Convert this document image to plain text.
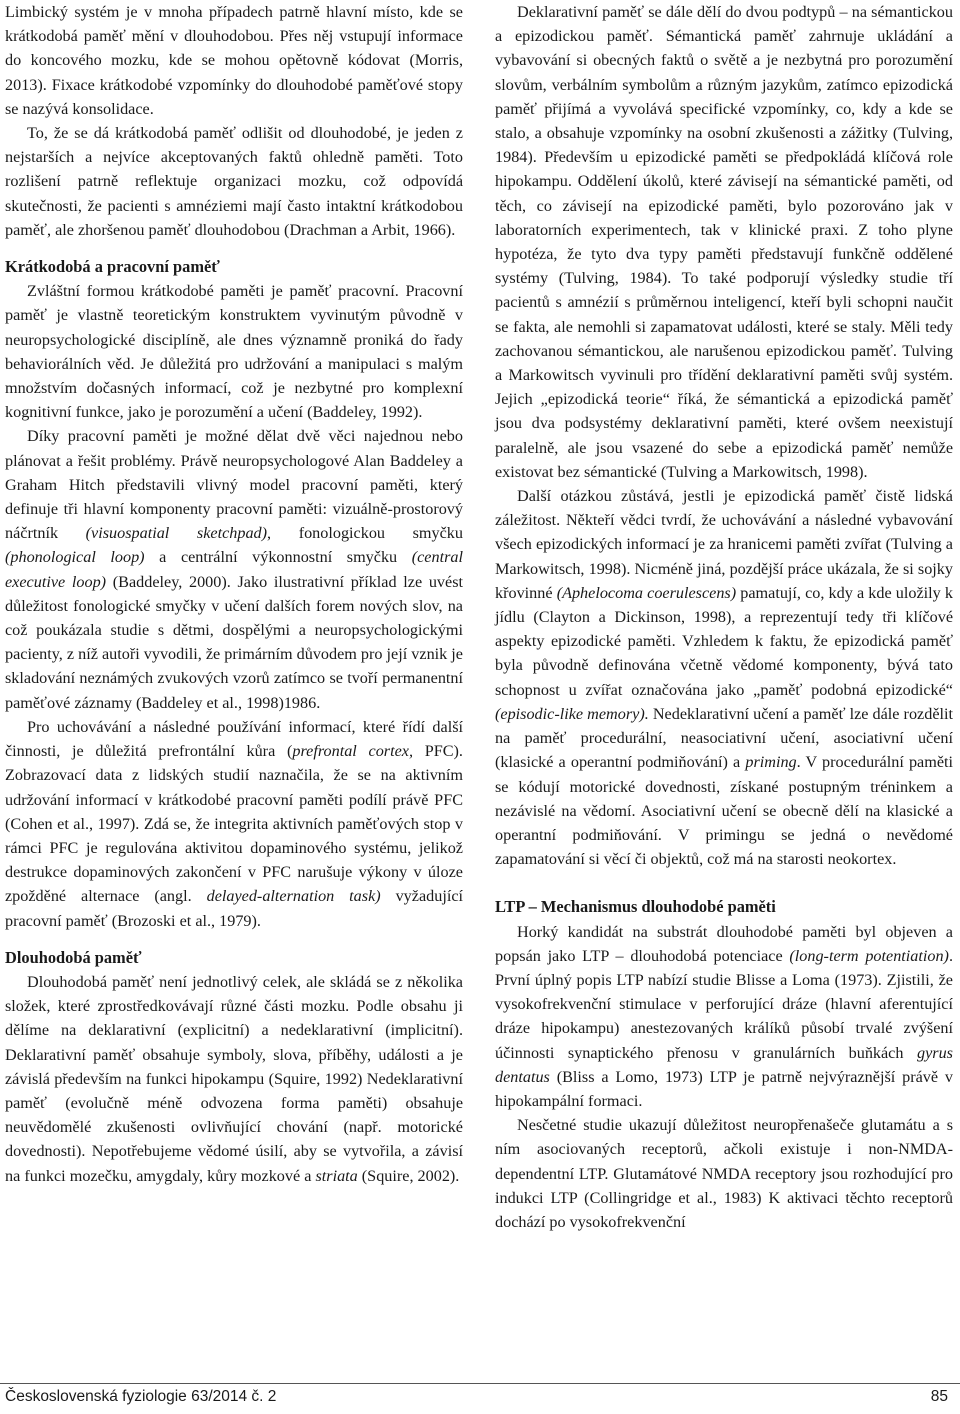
Limbický systém je v mnoha případech patrně hlavní místo, kde se krátkodobá paměť mění v dlouhodobou. Přes něj vstupují informace do koncového mozku, kde se mohou opětovně kódovat (Morris, 2013). Fixace krátkodobé vzpomínky do dlouhodobé paměťové stopy se nazývá konsolidace.

To, že se dá krátkodobá paměť odlišit od dlouhodobé, je jeden z nejstarších a nejvíce akceptovaných faktů ohledně paměti. Toto rozlišení patrně reflektuje organizaci mozku, což odpovídá skutečnosti, že pacienti s amnéziemi mají často intaktní krátkodobou paměť, ale zhoršenou paměť dlouhodobou (Drachman a Arbit, 1966).

Krátkodobá a pracovní paměť

Zvláštní formou krátkodobé paměti je paměť pracovní. Pracovní paměť je vlastně teoretickým konstruktem vyvinutým původně v neuropsychologické disciplíně, ale dnes významně proniká do řady behaviorálních věd. Je důležitá pro udržování a manipulaci s malým množstvím dočasných informací, což je nezbytné pro komplexní kognitivní funkce, jako je porozumění a učení (Baddeley, 1992).

Díky pracovní paměti je možné dělat dvě věci najednou nebo plánovat a řešit problémy. Právě neuropsychologové Alan Baddeley a Graham Hitch představili vlivný model pracovní paměti, který definuje tři hlavní komponenty pracovní paměti: vizuálně-prostorový náčrtník (visuospatial sketchpad), fonologickou smyčku (phonological loop) a centrální výkonnostní smyčku (central executive loop) (Baddeley, 2000). Jako ilustrativní příklad lze uvést důležitost fonologické smyčky v učení dalších forem nových slov, na což poukázala studie s dětmi, dospělými a neuropsychologickými pacienty, z níž autoři vyvodili, že primárním důvodem pro její vznik je skladování neznámých zvukových vzorů zatímco se tvoří permanentní paměťové záznamy (Baddeley et al., 1998)1986.

Pro uchovávání a následné používání informací, které řídí další činnosti, je důležitá prefrontální kůra (prefrontal cortex, PFC). Zobrazovací data z lidských studií naznačila, že se na aktivním udržování informací v krátkodobé pracovní paměti podílí právě PFC (Cohen et al., 1997). Zdá se, že integrita aktivních paměťových stop v rámci PFC je regulována aktivitou dopaminového systému, jelikož destrukce dopaminových zakončení v PFC narušuje výkony v úloze zpožděné alternace (angl. delayed-alternation task) vyžadující pracovní paměť (Brozoski et al., 1979).

Dlouhodobá paměť

Dlouhodobá paměť není jednotlivý celek, ale skládá se z několika složek, které zprostředkovávají různé části mozku. Podle obsahu ji dělíme na deklarativní (explicitní) a nedeklarativní (implicitní). Deklarativní paměť obsahuje symboly, slova, příběhy, události a je závislá především na funkci hipokampu (Squire, 1992) Nedeklarativní paměť (evolučně méně odvozena forma paměti) obsahuje neuvědomělé zkušenosti ovlivňující chování (např. motorické dovednosti). Nepotřebujeme vědomé úsilí, aby se vytvořila, a závisí na funkci mozečku, amygdaly, kůry mozkové a striata (Squire, 2002).

Deklarativní paměť se dále dělí do dvou podtypů – na sémantickou a epizodickou paměť. Sémantická paměť zahrnuje ukládání a vybavování si obecných faktů o světě a je nezbytná pro porozumění slovům, verbálním symbolům a různým jazykům, zatímco epizodická paměť přijímá a vyvolává specifické vzpomínky, co, kdy a kde se stalo, a obsahuje vzpomínky na osobní zkušenosti a zážitky (Tulving, 1984). Především u epizodické paměti se předpokládá klíčová role hipokampu. Oddělení úkolů, které závisejí na sémantické paměti, od těch, co závisejí na epizodické paměti, bylo pozorováno jak v laboratorních experimentech, tak v klinické praxi. Z toho plyne hypotéza, že tyto dva typy paměti představují funkčně oddělené systémy (Tulving, 1984). To také podporují výsledky studie tří pacientů s amnézií s průměrnou inteligencí, kteří byli schopni naučit se fakta, ale nemohli si zapamatovat události, které se staly. Měli tedy zachovanou sémantickou, ale narušenou epizodickou paměť. Tulving a Markowitsch vyvinuli pro třídění deklarativní paměti svůj systém. Jejich „epizodická teorie“ říká, že sémantická a epizodická paměť jsou dva podsystémy deklarativní paměti, které ovšem neexistují paralelně, ale jsou vsazené do sebe a epizodická paměť nemůže existovat bez sémantické (Tulving a Markowitsch, 1998).

Další otázkou zůstává, jestli je epizodická paměť čistě lidská záležitost. Někteří vědci tvrdí, že uchovávání a následné vybavování všech epizodických informací je za hranicemi paměti zvířat (Tulving a Markowitsch, 1998). Nicméně jiná, pozdější práce ukázala, že si sojky křovinné (Aphelocoma coerulescens) pamatují, co, kdy a kde uložily k jídlu (Clayton a Dickinson, 1998), a reprezentují tedy tři klíčové aspekty epizodické paměti. Vzhledem k faktu, že epizodická paměť byla původně definována včetně vědomé komponenty, bývá tato schopnost u zvířat označována jako „paměť podobná epizodické“ (episodic-like memory). Nedeklarativní učení a paměť lze dále rozdělit na paměť procedurální, neasociativní učení, asociativní učení (klasické a operantní podmiňování) a priming. V procedurální paměti se kódují motorické dovednosti, získané postupným tréninkem a nezávislé na vědomí. Asociativní učení se obecně dělí na klasické a operantní podmiňování. V primingu se jedná o nevědomé zapamatování si věcí či objektů, což má na starosti neokortex.

LTP – Mechanismus dlouhodobé paměti

Horký kandidát na substrát dlouhodobé paměti byl objeven a popsán jako LTP – dlouhodobá potenciace (long-term potentiation). První úplný popis LTP nabízí studie Blisse a Loma (1973). Zjistili, že vysokofrekvenční stimulace v perforující dráze (hlavní aferentující dráze hipokampu) anestezovaných králíků působí trvalé zvýšení účinnosti synaptického přenosu v granulárních buňkách gyrus dentatus (Bliss a Lomo, 1973) LTP je patrně nejvýraznější právě v hipokampální formaci.

Nesčetné studie ukazují důležitost neuropřenašeče glutamátu a s ním asociovaných receptorů, ačkoli existuje i non-NMDA-dependentní LTP. Glutamátové NMDA receptory jsou rozhodující pro indukci LTP (Collingridge et al., 1983) K aktivaci těchto receptorů dochází po vysokofrekvenční

Československá fyziologie 63/2014 č. 2	85
